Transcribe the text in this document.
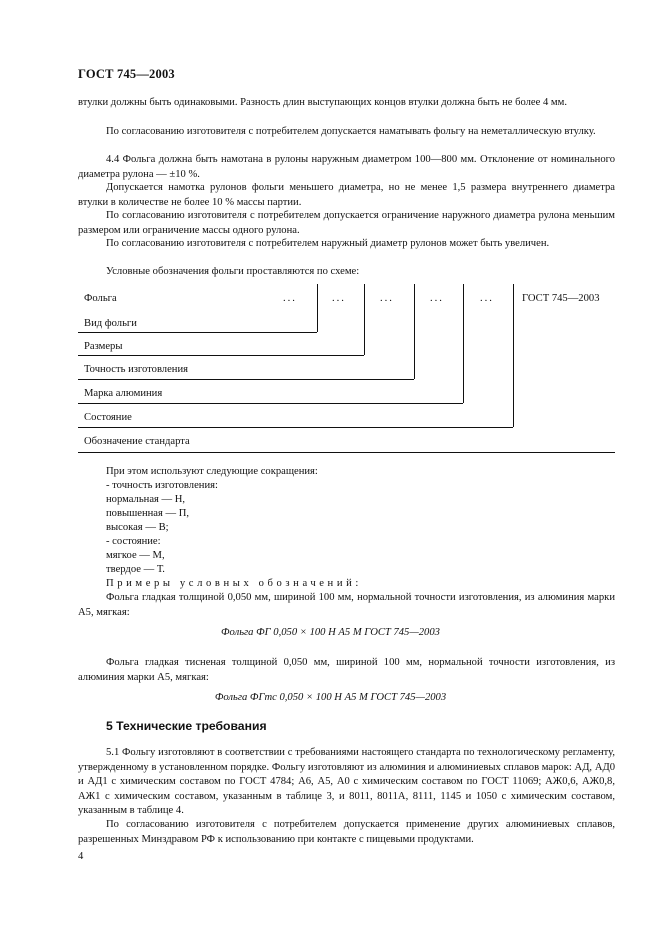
ГОСТ 745—2003
втулки должны быть одинаковыми. Разность длин выступающих концов втулки должна быть не более 4 мм.
По согласованию изготовителя с потребителем допускается наматывать фольгу на неметаллическую втулку.
4.4 Фольга должна быть намотана в рулоны наружным диаметром 100—800 мм. Отклонение от номинального диаметра рулона — ±10 %.
Допускается намотка рулонов фольги меньшего диаметра, но не менее 1,5 размера внутреннего диаметра втулки в количестве не более 10 % массы партии.
По согласованию изготовителя с потребителем допускается ограничение наружного диаметра рулона меньшим размером или ограничение массы одного рулона.
По согласованию изготовителя с потребителем наружный диаметр рулонов может быть увеличен.
Условные обозначения фольги проставляются по схеме:
Фольга	...	...	...	...	...	ГОСТ 745—2003
Вид фольги
Размеры
Точность изготовления
Марка алюминия
Состояние
Обозначение стандарта
При этом используют следующие сокращения:
- точность изготовления:
нормальная — Н,
повышенная — П,
высокая — В;
- состояние:
мягкое — М,
твердое — Т.
Примеры условных обозначений:
Фольга гладкая толщиной 0,050 мм, шириной 100 мм, нормальной точности изготовления, из алюминия марки А5, мягкая:
Фольга ФГ 0,050 × 100 Н А5 М ГОСТ 745—2003
Фольга гладкая тисненая толщиной 0,050 мм, шириной 100 мм, нормальной точности изготовления, из алюминия марки А5, мягкая:
Фольга ФГтс 0,050 × 100 Н А5 М ГОСТ 745—2003
5 Технические требования
5.1 Фольгу изготовляют в соответствии с требованиями настоящего стандарта по технологическому регламенту, утвержденному в установленном порядке. Фольгу изготовляют из алюминия и алюминиевых сплавов марок: АД, АД0 и АД1 с химическим составом по ГОСТ 4784; А6, А5, А0 с химическим составом по ГОСТ 11069; АЖ0,6, АЖ0,8, АЖ1 с химическим составом, указанным в таблице 3, и 8011, 8011А, 8111, 1145 и 1050 с химическим составом, указанным в таблице 4.
По согласованию изготовителя с потребителем допускается применение других алюминиевых сплавов, разрешенных Минздравом РФ к использованию при контакте с пищевыми продуктами.
4
